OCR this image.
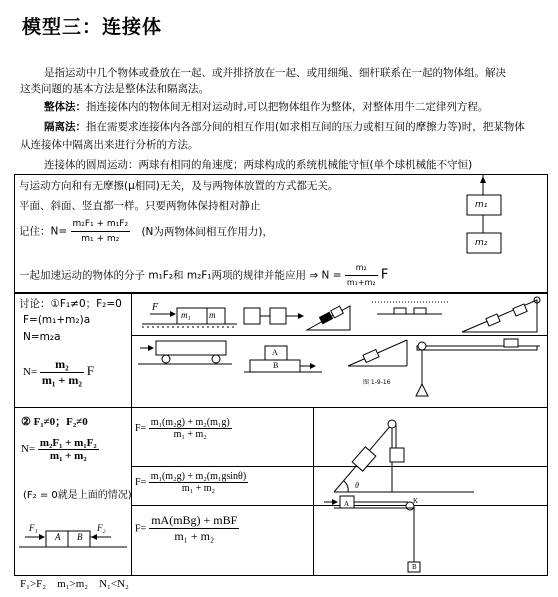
模型三：连接体
是指运动中几个物体或叠放在一起、或并排挤放在一起、或用细绳、细杆联系在一起的物体组。解决
这类问题的基本方法是整体法和隔离法。
整体法：指连接体内的物体间无相对运动时,可以把物体组作为整体，对整体用牛二定律列方程。
隔离法：指在需要求连接体内各部分间的相互作用(如求相互间的压力或相互间的摩擦力等)时，把某物体
从连接体中隔离出来进行分析的方法。
连接体的圆周运动：两球有相同的角速度；两球构成的系统机械能守恒(单个球机械能不守恒)
与运动方向和有无摩擦(μ相同)无关，及与两物体放置的方式都无关。
平面、斜面、竖直都一样。只要两物体保持相对静止
记住：$N= \frac{\text{m₂F₁ + m₁F₂}}{\text{m₁ + m₂}} (N$为两物体间相互作用力)，
一起加速运动的物体的分子 m₁F₂和 m₂F₁两项的规律并能应用 ⇒ $N = \frac{\text{m₂}}{\text{m₁+m₂}}$ F
m₁
m₂
讨论：①F₁≠0；F₂=0
F=(m₁+m₂)a
N=m₂a
$N= \frac{\text{m₂}}{\text{m₁ + m₂}}$ F
F
m₁ m
A
B
图 1-9-16
② F₁≠0；F₂≠0
$N= \frac{\text{m₂F₁ + m₁F₂}}{\text{m₁ + m₂}}$
(F₂ = 0就是上面的情况)
F₁
A B
F₂
$F= \frac{\text{m₁(m₂g) + m₂(m₁g)}}{\text{m₁ + m₂}}$
$F= \frac{\text{m₁(m₂g) + m₂(m₁gsinθ)}}{\text{m₁ + m₂}}$
$F= \frac{\text{mA(mBg) + mBF}}{\text{m₁ + m₂}}$
θ
A	K
B
F₁>F₂    m₁>m₂    N₁<N₂
